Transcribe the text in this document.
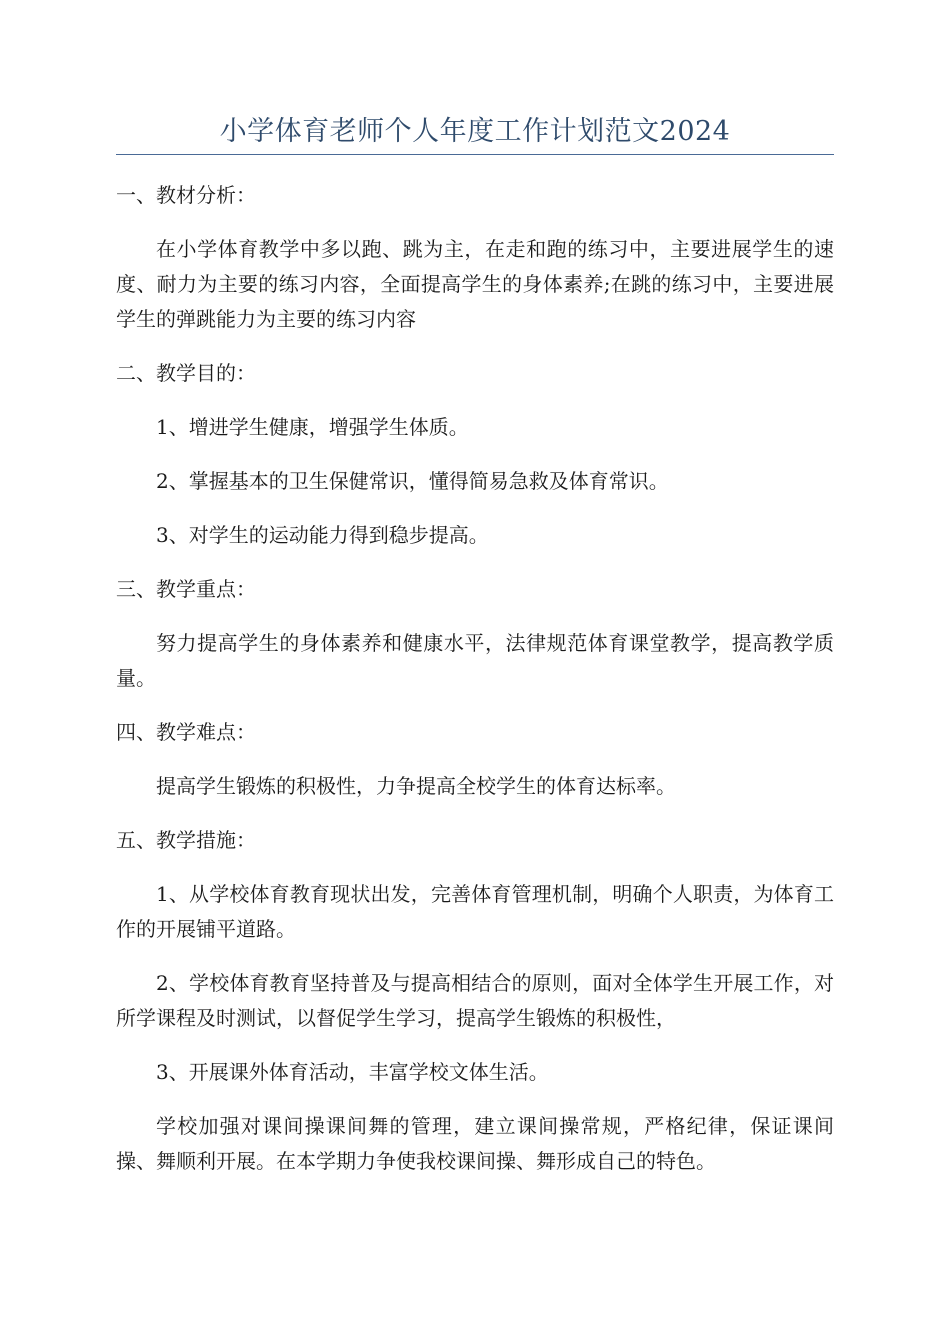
小学体育老师个人年度工作计划范文2024

一、教材分析：

在小学体育教学中多以跑、跳为主，在走和跑的练习中，主要进展学生的速度、耐力为主要的练习内容，全面提高学生的身体素养;在跳的练习中，主要进展学生的弹跳能力为主要的练习内容

二、教学目的：

1、增进学生健康，增强学生体质。

2、掌握基本的卫生保健常识，懂得简易急救及体育常识。

3、对学生的运动能力得到稳步提高。

三、教学重点：

努力提高学生的身体素养和健康水平，法律规范体育课堂教学，提高教学质量。

四、教学难点：

提高学生锻炼的积极性，力争提高全校学生的体育达标率。

五、教学措施：

1、从学校体育教育现状出发，完善体育管理机制，明确个人职责，为体育工作的开展铺平道路。

2、学校体育教育坚持普及与提高相结合的原则，面对全体学生开展工作，对所学课程及时测试，以督促学生学习，提高学生锻炼的积极性，

3、开展课外体育活动，丰富学校文体生活。

学校加强对课间操课间舞的管理，建立课间操常规，严格纪律，保证课间操、舞顺利开展。在本学期力争使我校课间操、舞形成自己的特色。
